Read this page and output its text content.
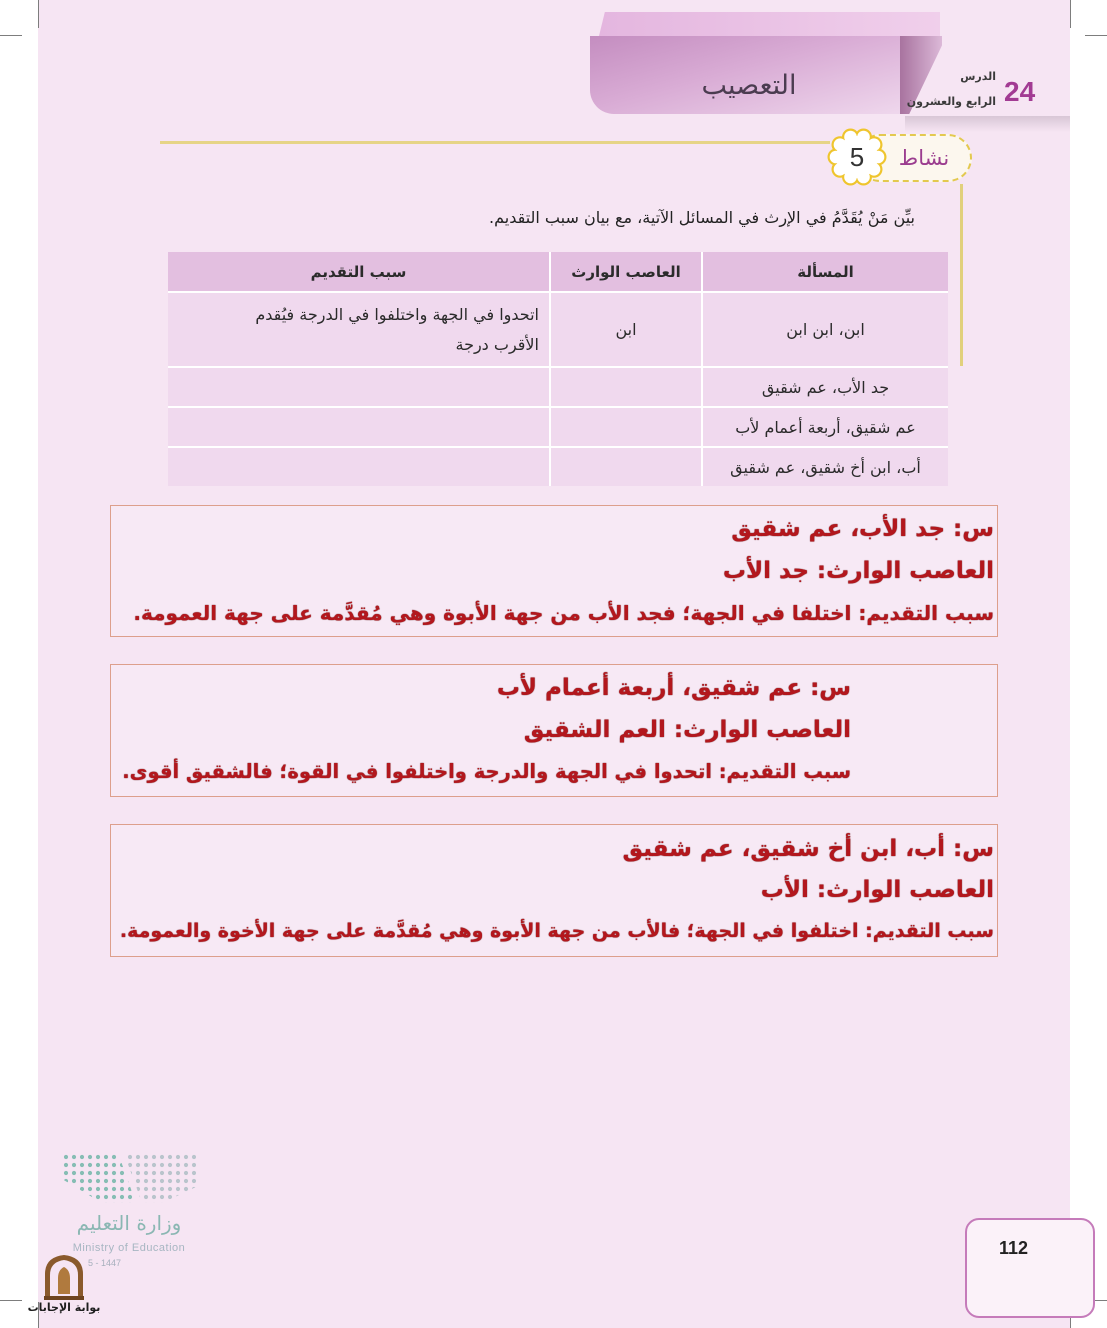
التعصيب	24
الدرس
الرابع والعشرون
نشاط
5
بيِّن مَنْ يُقَدَّمُ في الإرث في المسائل الآتية، مع بيان سبب التقديم.
المسألة	العاصب الوارث	سبب التقديم
ابن، ابن ابن	ابن	اتحدوا في الجهة واختلفوا في الدرجة فيُقدم
الأقرب درجة
جد الأب، عم شقيق		
عم شقيق، أربعة أعمام لأب		
أب، ابن أخ شقيق، عم شقيق		
س: جد الأب، عم شقيق
العاصب الوارث: جد الأب
سبب التقديم: اختلفا في الجهة؛ فجد الأب من جهة الأبوة وهي مُقدَّمة على جهة العمومة.
س: عم شقيق، أربعة أعمام لأب
العاصب الوارث: العم الشقيق
سبب التقديم: اتحدوا في الجهة والدرجة واختلفوا في القوة؛ فالشقيق أقوى.
س: أب، ابن أخ شقيق، عم شقيق
العاصب الوارث: الأب
سبب التقديم: اختلفوا في الجهة؛ فالأب من جهة الأبوة وهي مُقدَّمة على جهة الأخوة والعمومة.
وزارة التعليم
Ministry of Education
5 - 1447
بوابة الإجابات
112
